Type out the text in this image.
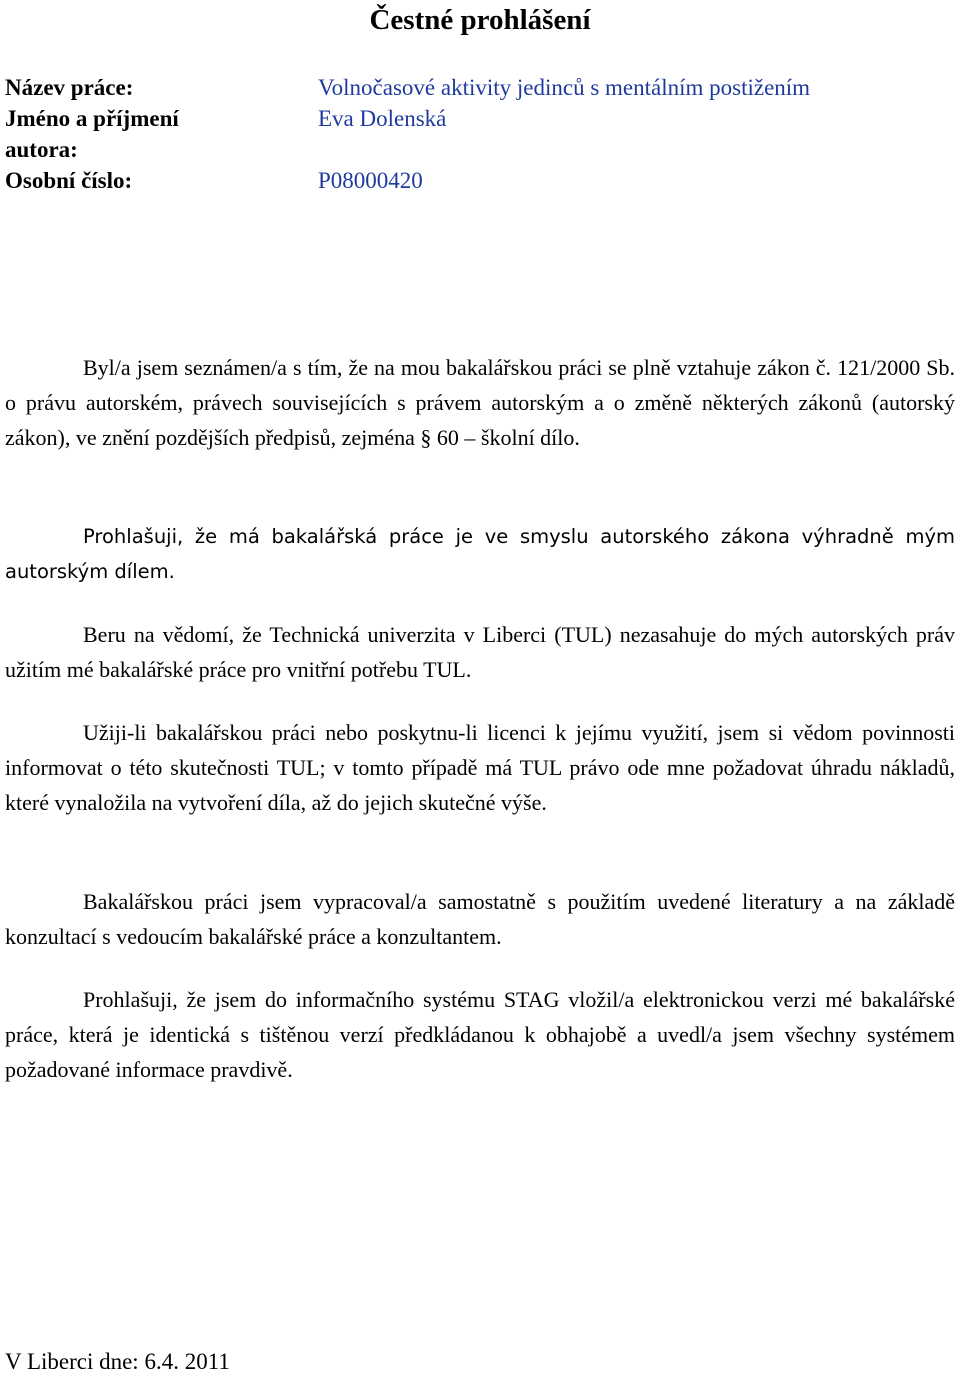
Čestné prohlášení
Název práce:	Volnočasové aktivity jedinců s mentálním postižením
Jméno a příjmení
autora:
Eva Dolenská
Osobní číslo:	P08000420

Byl/a jsem seznámen/a s tím, že na mou bakalářskou práci se plně vztahuje zákon č. 121/2000 Sb. o právu autorském, právech souvisejících s právem autorským a o změně některých zákonů (autorský zákon), ve znění pozdějších předpisů, zejména § 60 – školní dílo.

Prohlašuji, že má bakalářská práce je ve smyslu autorského zákona výhradně mým autorským dílem.

Beru na vědomí, že Technická univerzita v Liberci (TUL) nezasahuje do mých autorských práv užitím mé bakalářské práce pro vnitřní potřebu TUL.

Užiji-li bakalářskou práci nebo poskytnu-li licenci k jejímu využití, jsem si vědom povinnosti informovat o této skutečnosti TUL; v tomto případě má TUL právo ode mne požadovat úhradu nákladů, které vynaložila na vytvoření díla, až do jejich skutečné výše.

Bakalářskou práci jsem vypracoval/a samostatně s použitím uvedené literatury a na základě konzultací s vedoucím bakalářské práce a konzultantem.

Prohlašuji, že jsem do informačního systému STAG vložil/a elektronickou verzi mé bakalářské práce, která je identická s tištěnou verzí předkládanou k obhajobě a uvedl/a jsem všechny systémem požadované informace pravdivě.

V Liberci dne: 6.4. 2011
